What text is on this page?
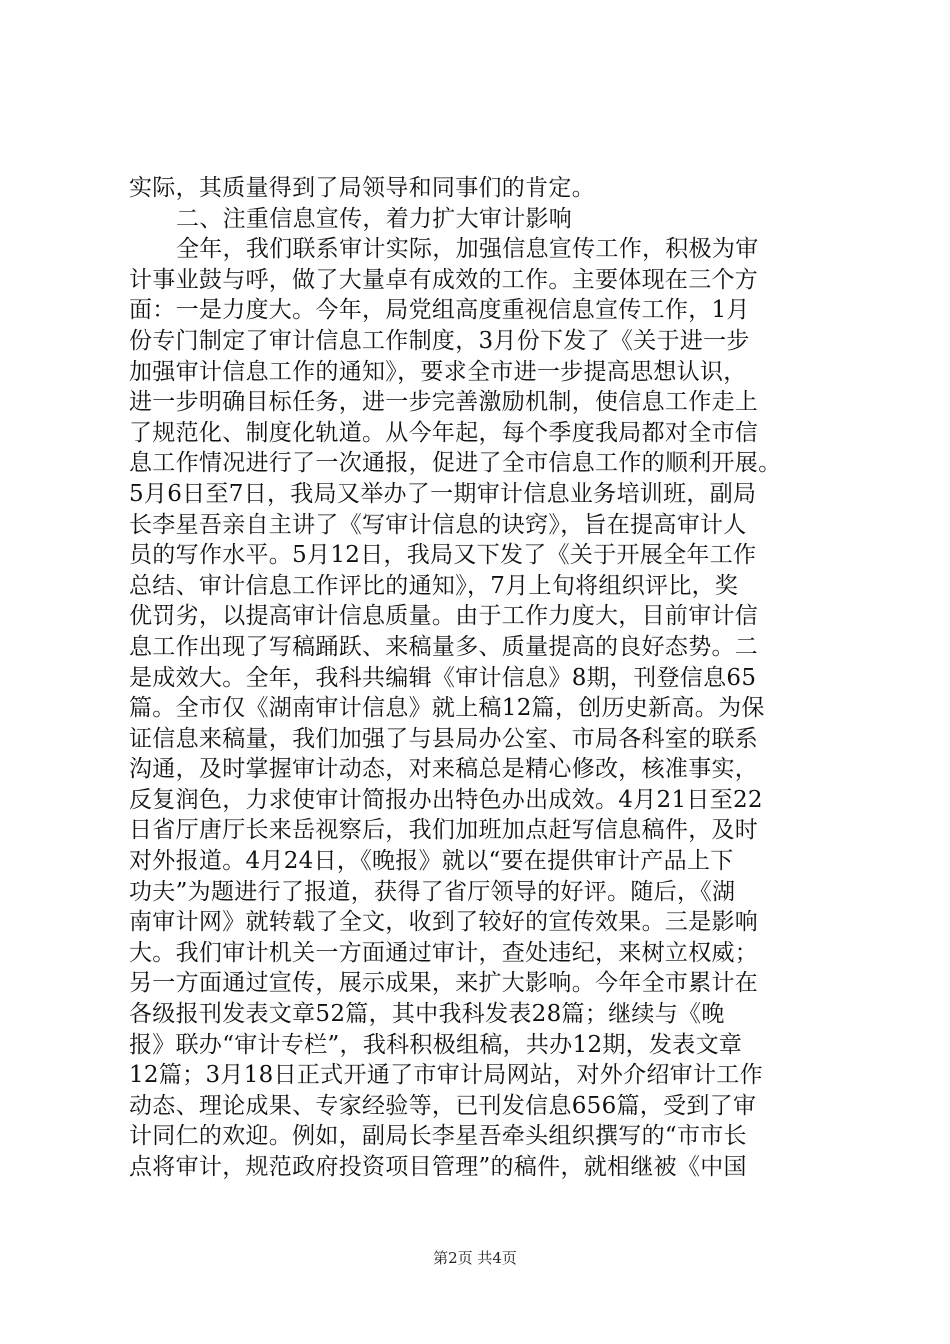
实际，其质量得到了局领导和同事们的肯定。
二、注重信息宣传，着力扩大审计影响
全年，我们联系审计实际，加强信息宣传工作，积极为审
计事业鼓与呼，做了大量卓有成效的工作。主要体现在三个方
面：一是力度大。今年，局党组高度重视信息宣传工作，1月
份专门制定了审计信息工作制度，3月份下发了《关于进一步
加强审计信息工作的通知》，要求全市进一步提高思想认识，
进一步明确目标任务，进一步完善激励机制，使信息工作走上
了规范化、制度化轨道。从今年起，每个季度我局都对全市信
息工作情况进行了一次通报，促进了全市信息工作的顺利开展。
5月6日至7日，我局又举办了一期审计信息业务培训班，副局
长李星吾亲自主讲了《写审计信息的诀窍》，旨在提高审计人
员的写作水平。5月12日，我局又下发了《关于开展全年工作
总结、审计信息工作评比的通知》，7月上旬将组织评比，奖
优罚劣，以提高审计信息质量。由于工作力度大，目前审计信
息工作出现了写稿踊跃、来稿量多、质量提高的良好态势。二
是成效大。全年，我科共编辑《审计信息》8期，刊登信息65
篇。全市仅《湖南审计信息》就上稿12篇，创历史新高。为保
证信息来稿量，我们加强了与县局办公室、市局各科室的联系
沟通，及时掌握审计动态，对来稿总是精心修改，核准事实，
反复润色，力求使审计简报办出特色办出成效。4月21日至22
日省厅唐厅长来岳视察后，我们加班加点赶写信息稿件，及时
对外报道。4月24日，《晚报》就以“要在提供审计产品上下
功夫”为题进行了报道，获得了省厅领导的好评。随后，《湖
南审计网》就转载了全文，收到了较好的宣传效果。三是影响
大。我们审计机关一方面通过审计，查处违纪，来树立权威；
另一方面通过宣传，展示成果，来扩大影响。今年全市累计在
各级报刊发表文章52篇，其中我科发表28篇；继续与《晚
报》联办“审计专栏”，我科积极组稿，共办12期，发表文章
12篇；3月18日正式开通了市审计局网站，对外介绍审计工作
动态、理论成果、专家经验等，已刊发信息656篇，受到了审
计同仁的欢迎。例如，副局长李星吾牵头组织撰写的“市市长
点将审计，规范政府投资项目管理”的稿件，就相继被《中国
第2页 共4页
